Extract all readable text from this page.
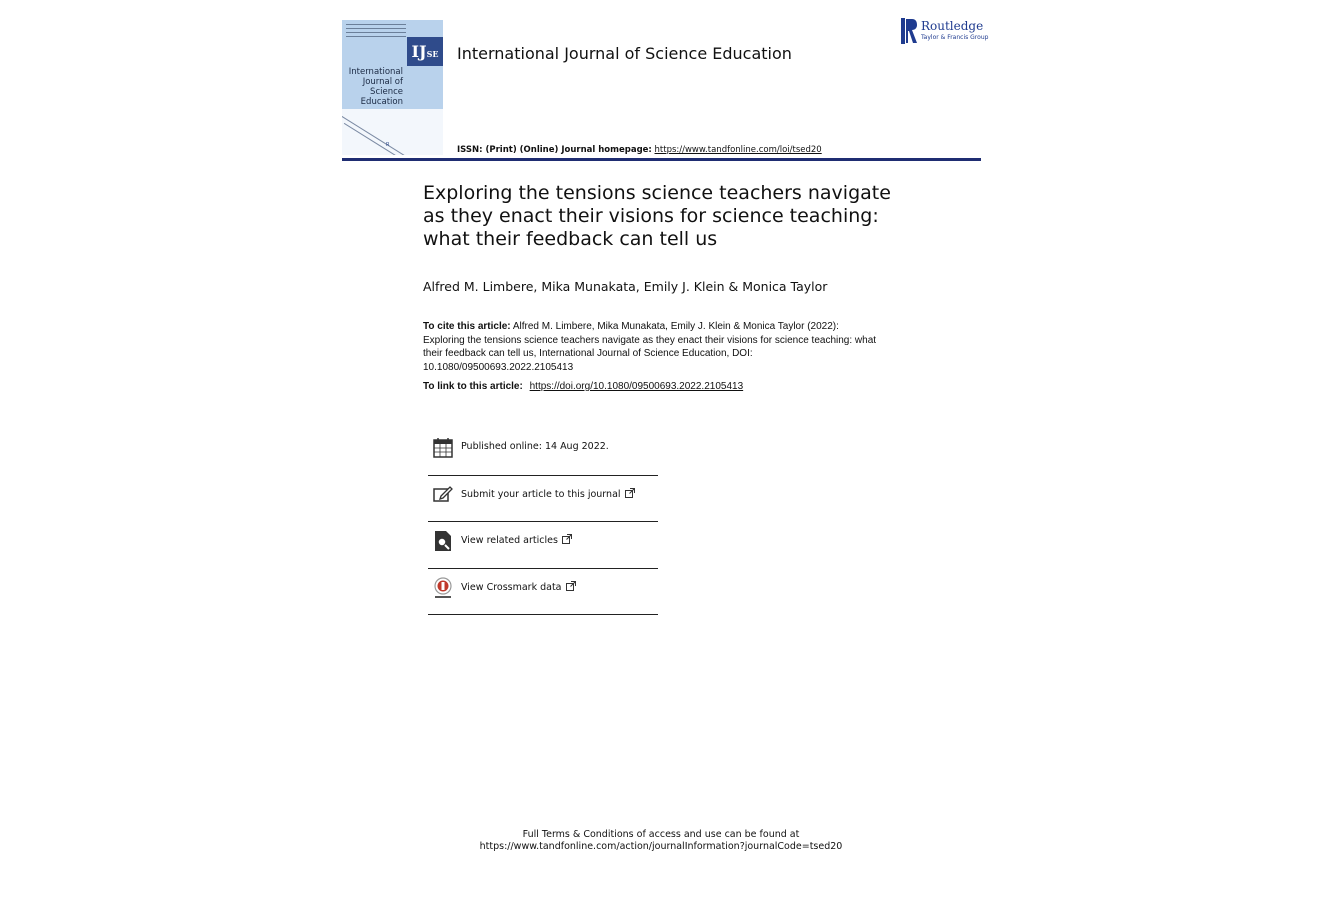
IJSE
International
Journal of
Science
Education
R
International Journal of Science Education
Routledge
Taylor & Francis Group
ISSN: (Print) (Online) Journal homepage: https://www.tandfonline.com/loi/tsed20
Exploring the tensions science teachers navigate
as they enact their visions for science teaching:
what their feedback can tell us
Alfred M. Limbere, Mika Munakata, Emily J. Klein & Monica Taylor
To cite this article: Alfred M. Limbere, Mika Munakata, Emily J. Klein & Monica Taylor (2022): Exploring the tensions science teachers navigate as they enact their visions for science teaching: what their feedback can tell us, International Journal of Science Education, DOI: 10.1080/09500693.2022.2105413
To link to this article: https://doi.org/10.1080/09500693.2022.2105413
Published online: 14 Aug 2022.
Submit your article to this journal
View related articles
View Crossmark data
Full Terms & Conditions of access and use can be found at
https://www.tandfonline.com/action/journalInformation?journalCode=tsed20
